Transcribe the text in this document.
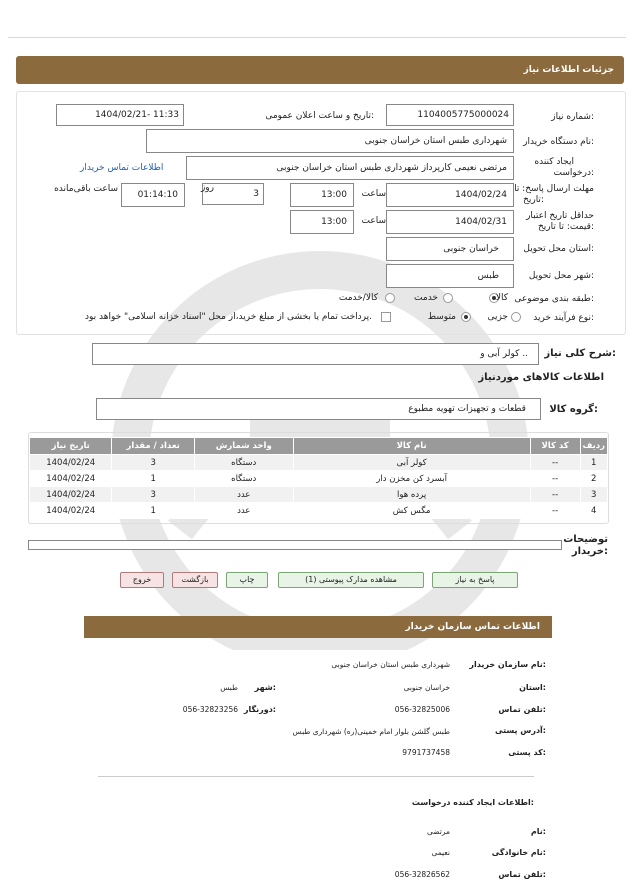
جزئیات اطلاعات نیاز
شماره نیاز:
1104005775000024
تاریخ و ساعت اعلان عمومی:
1404/02/21- 11:33
نام دستگاه خریدار:
شهرداری طبس استان خراسان جنوبی
ایجاد کننده
درخواست:
مرتضی نعیمی کارپرداز شهرداری طبس استان خراسان جنوبی
اطلاعات تماس خریدار
مهلت ارسال پاسخ: تا
تاریخ:
1404/02/24
ساعت
13:00
3
روز
01:14:10
ساعت باقی‌مانده
حداقل تاریخ اعتبار
قیمت: تا تاریخ:
1404/02/31
ساعت
13:00
استان محل تحویل:
خراسان جنوبی
شهر محل تحویل:
طبس
طبقه بندی موضوعی:
کالا
خدمت
کالا/خدمت
نوع فرآیند خرید:
جزیی
متوسط
پرداخت تمام یا بخشی از مبلغ خرید،از محل "اسناد خزانه اسلامی" خواهد بود.
شرح کلی نیاز:
کولر آبی و ..
اطلاعات کالاهای موردنیاز
گروه کالا:
قطعات و تجهیزات تهویه مطبوع
ردیف	کد کالا	نام کالا	واحد شمارش	تعداد / مقدار	تاریخ نیاز
1	--	کولر آبی	دستگاه	3	1404/02/24
2	--	آبسرد کن مخزن دار	دستگاه	1	1404/02/24
3	--	پرده هوا	عدد	3	1404/02/24
4	--	مگس کش	عدد	1	1404/02/24
توضیحات
خریدار:
پاسخ به نیاز
مشاهده مدارک پیوستی (1)
چاپ
بازگشت
خروج
اطلاعات تماس سازمان خریدار
نام سازمان خریدار:
شهرداری طبس استان خراسان جنوبی
استان:
خراسان جنوبی
شهر:
طبس
تلفن تماس:
056-32825006
دورنگار:
056-32823256
آدرس پستی:
طبس گلشن بلوار امام خمینی(ره) شهرداری طبس
کد پستی:
9791737458
اطلاعات ایجاد کننده درخواست:
نام:
مرتضی
نام خانوادگی:
نعیمی
تلفن تماس:
056-32826562
